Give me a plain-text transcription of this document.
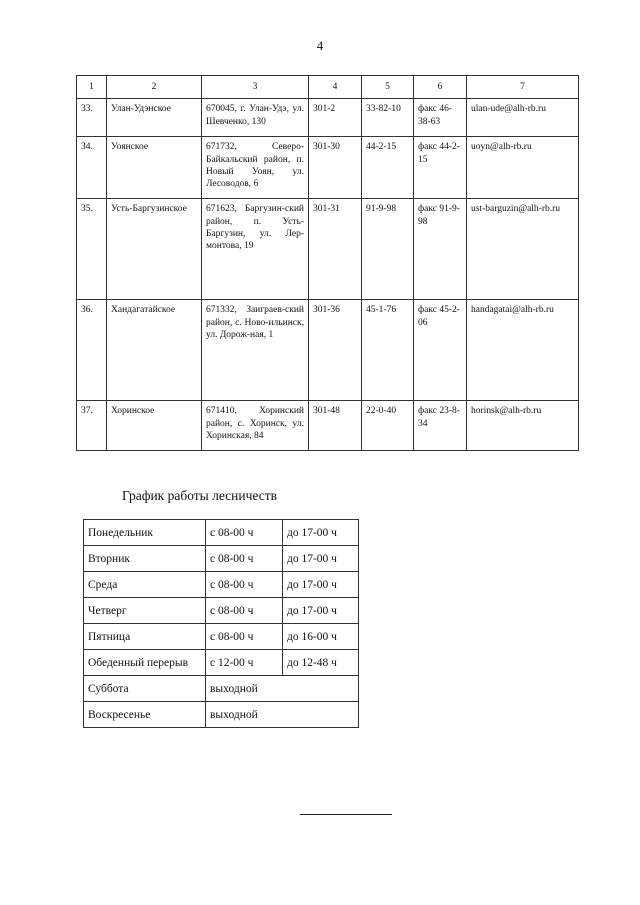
4
1	2	3	4	5	6	7
33.	Улан-Удэнское	670045, г. Улан-Удэ, ул. Шевченко, 130	301-2	33-82-10	факс 46-38-63	ulan-ude@alh-rb.ru
34.	Уоянское	671732, Северо-Байкальский район, п. Новый Уоян, ул. Лесоводов, 6	301-30	44-2-15	факс 44-2-15	uoyn@alh-rb.ru
35.	Усть-Баргузинское	671623, Баргузин-ский район, п. Усть-Баргузин, ул. Лер-монтова, 19	301-31	91-9-98	факс 91-9-98	ust-barguzin@alh-rb.ru
36.	Хандагатайское	671332, Заиграев-ский район, с. Ново-ильинск, ул. Дорож-ная, 1	301-36	45-1-76	факс 45-2-06	handagatai@alh-rb.ru
37.	Хоринское	671410, Хоринский район, с. Хоринск, ул. Хоринская, 84	301-48	22-0-40	факс 23-8-34	horinsk@alh-rb.ru
График работы лесничеств
Понедельник	с 08-00 ч	до 17-00 ч
Вторник	с 08-00 ч	до 17-00 ч
Среда	с 08-00 ч	до 17-00 ч
Четверг	с 08-00 ч	до 17-00 ч
Пятница	с 08-00 ч	до 16-00 ч
Обеденный перерыв	с 12-00 ч	до 12-48 ч
Суббота	выходной	
Воскресенье	выходной	
